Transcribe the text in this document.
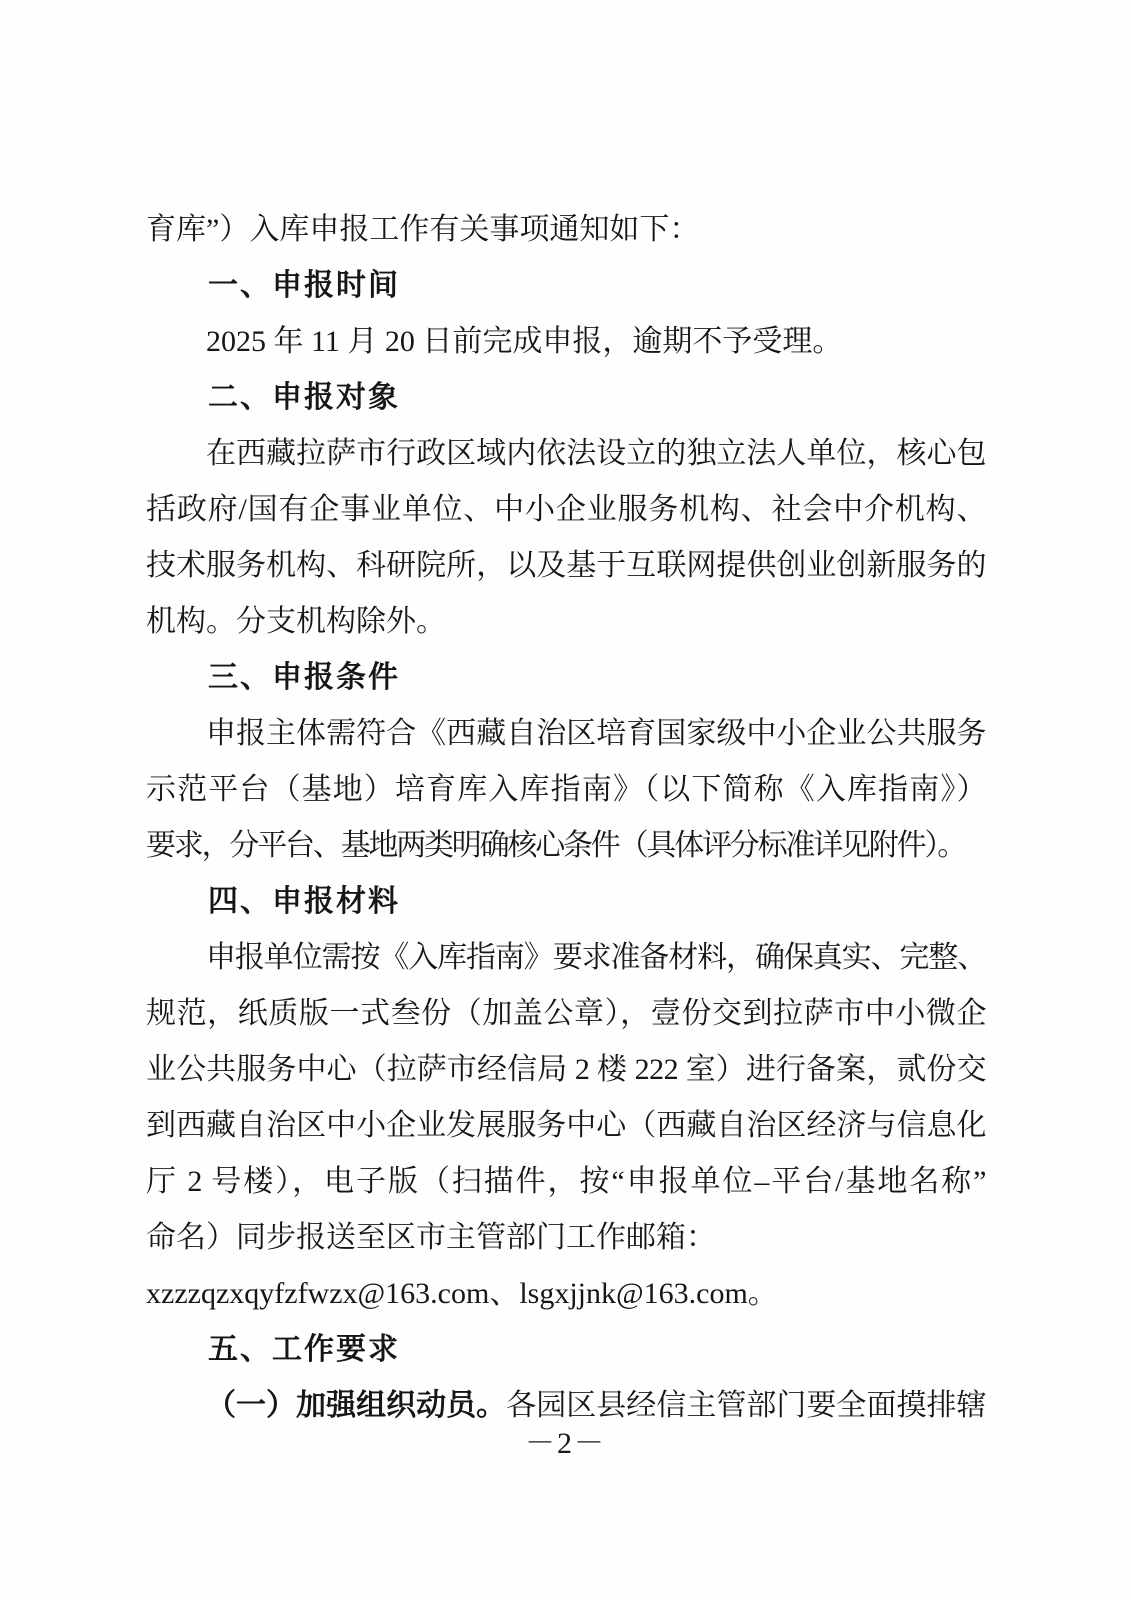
育库”）入库申报工作有关事项通知如下：
一、申报时间
2025 年 11 月 20 日前完成申报，逾期不予受理。
二、申报对象
在西藏拉萨市行政区域内依法设立的独立法人单位，核心包
括政府/国有企事业单位、中小企业服务机构、社会中介机构、
技术服务机构、科研院所，以及基于互联网提供创业创新服务的
机构。分支机构除外。
三、申报条件
申报主体需符合《西藏自治区培育国家级中小企业公共服务
示范平台（基地）培育库入库指南》（以下简称《入库指南》）
要求，分平台、基地两类明确核心条件（具体评分标准详见附件）。
四、申报材料
申报单位需按《入库指南》要求准备材料，确保真实、完整、
规范，纸质版一式叁份（加盖公章），壹份交到拉萨市中小微企
业公共服务中心（拉萨市经信局 2 楼 222 室）进行备案，贰份交
到西藏自治区中小企业发展服务中心（西藏自治区经济与信息化
厅 2 号楼），电子版（扫描件，按“申报单位–平台/基地名称”
命名）同步报送至区市主管部门工作邮箱：
xzzzqzxqyfzfwzx@163.com、lsgxjjnk@163.com。
五、工作要求
（一）加强组织动员。各园区县经信主管部门要全面摸排辖
－2－
